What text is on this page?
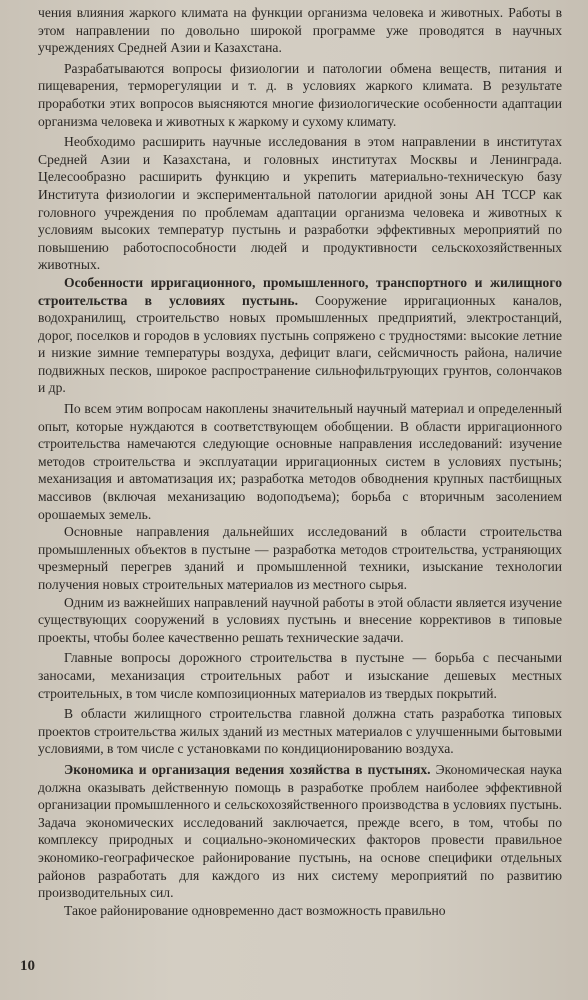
чения влияния жаркого климата на функции организма человека и животных. Работы в этом направлении по довольно широкой программе уже проводятся в научных учреждениях Средней Азии и Казахстана.

Разрабатываются вопросы физиологии и патологии обмена веществ, питания и пищеварения, терморегуляции и т. д. в условиях жаркого климата. В результате проработки этих вопросов выясняются многие физиологические особенности адаптации организма человека и животных к жаркому и сухому климату.

Необходимо расширить научные исследования в этом направлении в институтах Средней Азии и Казахстана, и головных институтах Москвы и Ленинграда. Целесообразно расширить функцию и укрепить материально-техническую базу Института физиологии и экспериментальной патологии аридной зоны АН ТССР как головного учреждения по проблемам адаптации организма человека и животных к условиям высоких температур пустынь и разработки эффективных мероприятий по повышению работоспособности людей и продуктивности сельскохозяйственных животных.

Особенности ирригационного, промышленного, транспортного и жилищного строительства в условиях пустынь. Сооружение ирригационных каналов, водохранилищ, строительство новых промышленных предприятий, электростанций, дорог, поселков и городов в условиях пустынь сопряжено с трудностями: высокие летние и низкие зимние температуры воздуха, дефицит влаги, сейсмичность района, наличие подвижных песков, широкое распространение сильнофильтрующих грунтов, солончаков и др.

По всем этим вопросам накоплены значительный научный материал и определенный опыт, которые нуждаются в соответствующем обобщении. В области ирригационного строительства намечаются следующие основные направления исследований: изучение методов строительства и эксплуатации ирригационных систем в условиях пустынь; механизация и автоматизация их; разработка методов обводнения крупных пастбищных массивов (включая механизацию водоподъема); борьба с вторичным засолением орошаемых земель.

Основные направления дальнейших исследований в области строительства промышленных объектов в пустыне — разработка методов строительства, устраняющих чрезмерный перегрев зданий и промышленной техники, изыскание технологии получения новых строительных материалов из местного сырья.

Одним из важнейших направлений научной работы в этой области является изучение существующих сооружений в условиях пустынь и внесение коррективов в типовые проекты, чтобы более качественно решать технические задачи.

Главные вопросы дорожного строительства в пустыне — борьба с песчаными заносами, механизация строительных работ и изыскание дешевых местных строительных, в том числе композиционных материалов из твердых покрытий.

В области жилищного строительства главной должна стать разработка типовых проектов строительства жилых зданий из местных материалов с улучшенными бытовыми условиями, в том числе с установками по кондиционированию воздуха.

Экономика и организация ведения хозяйства в пустынях. Экономическая наука должна оказывать действенную помощь в разработке проблем наиболее эффективной организации промышленного и сельскохозяйственного производства в условиях пустынь. Задача экономических исследований заключается, прежде всего, в том, чтобы по комплексу природных и социально-экономических факторов провести правильное экономико-географическое районирование пустынь, на основе специфики отдельных районов разработать для каждого из них систему мероприятий по развитию производительных сил.

Такое районирование одновременно даст возможность правильно

10
